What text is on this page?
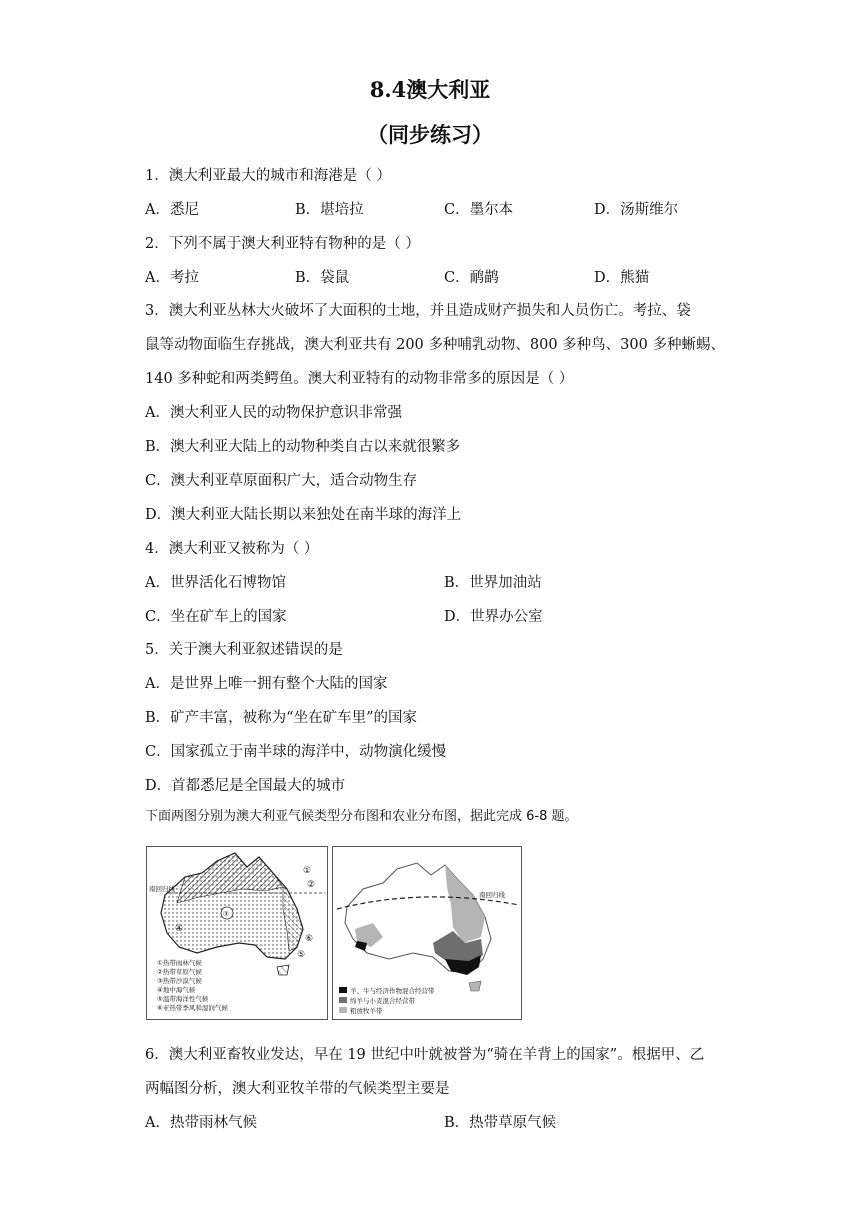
8.4澳大利亚
（同步练习）
1．澳大利亚最大的城市和海港是（ ）
A．悉尼	B．堪培拉	C．墨尔本	D．汤斯维尔
2．下列不属于澳大利亚特有物种的是（ ）
A．考拉	B．袋鼠	C．鸸鹋	D．熊猫
3．澳大利亚丛林大火破坏了大面积的土地，并且造成财产损失和人员伤亡。考拉、袋
鼠等动物面临生存挑战，澳大利亚共有 200 多种哺乳动物、800 多种鸟、300 多种蜥蜴、
140 多种蛇和两类鳄鱼。澳大利亚特有的动物非常多的原因是（ ）
A．澳大利亚人民的动物保护意识非常强
B．澳大利亚大陆上的动物种类自古以来就很繁多
C．澳大利亚草原面积广大，适合动物生存
D．澳大利亚大陆长期以来独处在南半球的海洋上
4．澳大利亚又被称为（ ）
A．世界活化石博物馆	B．世界加油站
C．坐在矿车上的国家	D．世界办公室
5．关于澳大利亚叙述错误的是
A．是世界上唯一拥有整个大陆的国家
B．矿产丰富，被称为“坐在矿车里”的国家
C．国家孤立于南半球的海洋中，动物演化缓慢
D．首都悉尼是全国最大的城市
下面两图分别为澳大利亚气候类型分布图和农业分布图，据此完成 6-8 题。
③
南回归线
①
②
④
⑤
⑥
①热带雨林气候
②热带草原气候
③热带沙漠气候
④地中海气候
⑤温带海洋性气候
⑥亚热带季风和湿润气候
南回归线
羊、牛与经济作物混合经营带
绵羊与小麦混合经营带
粗放牧羊带
6．澳大利亚畜牧业发达，早在 19 世纪中叶就被誉为“骑在羊背上的国家”。根据甲、乙
两幅图分析，澳大利亚牧羊带的气候类型主要是
A．热带雨林气候	B．热带草原气候
